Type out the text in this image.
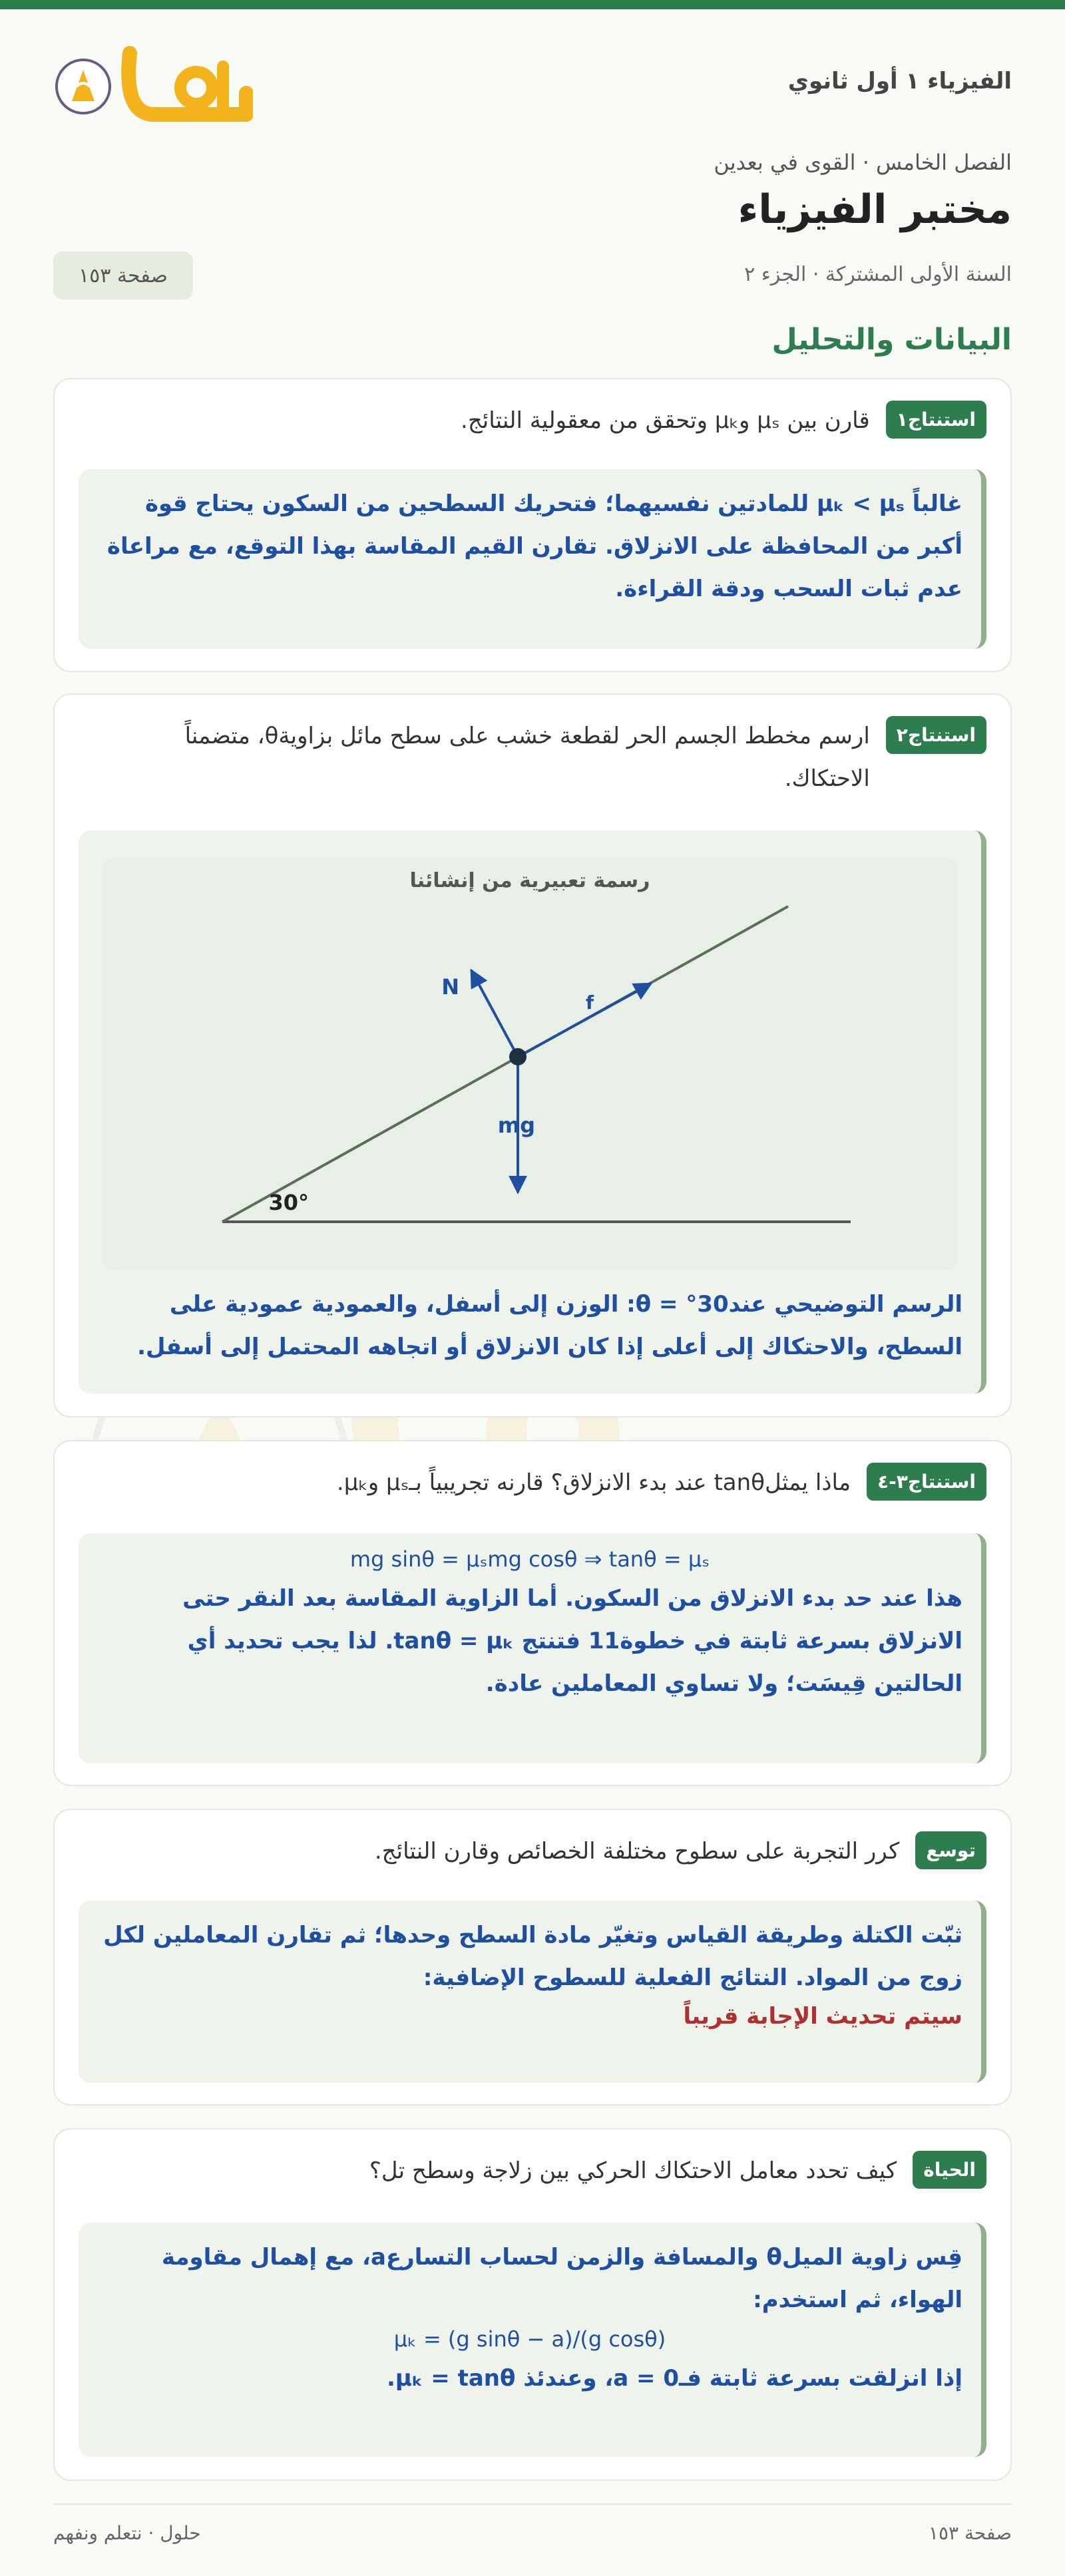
الفيزياء ١ أول ثانوي
الفصل الخامس · القوى في بعدين
مختبر الفيزياء
السنة الأولى المشتركة · الجزء ٢
صفحة ١٥٣
البيانات والتحليل
استنتاج١
قارن بين μₛ وμₖ وتحقق من معقولية النتائج.
غالباً μₖ < μₛ للمادتين نفسيهما؛ فتحريك السطحين من السكون يحتاج قوة أكبر من المحافظة على الانزلاق. تقارن القيم المقاسة بهذا التوقع، مع مراعاة عدم ثبات السحب ودقة القراءة.
استنتاج٢
ارسم مخطط الجسم الحر لقطعة خشب على سطح مائل بزاويةθ، متضمناً الاحتكاك.
رسمة تعبيرية من إنشائنا
N
f
mg
30°
الرسم التوضيحي عند30° = θ: الوزن إلى أسفل، والعمودية عمودية على السطح، والاحتكاك إلى أعلى إذا كان الانزلاق أو اتجاهه المحتمل إلى أسفل.
استنتاج٣-٤
ماذا يمثلtanθ عند بدء الانزلاق؟ قارنه تجريبياً بـμₛ وμₖ.
mg sinθ = μₛmg cosθ ⇒ tanθ = μₛ
هذا عند حد بدء الانزلاق من السكون. أما الزاوية المقاسة بعد النقر حتى الانزلاق بسرعة ثابتة في خطوة11 فتنتج tanθ = μₖ. لذا يجب تحديد أي الحالتين قِيسَت؛ ولا تساوي المعاملين عادة.
توسع
كرر التجربة على سطوح مختلفة الخصائص وقارن النتائج.
ثبّت الكتلة وطريقة القياس وتغيّر مادة السطح وحدها؛ ثم تقارن المعاملين لكل زوج من المواد. النتائج الفعلية للسطوح الإضافية:
سيتم تحديث الإجابة قريباً
الحياة
كيف تحدد معامل الاحتكاك الحركي بين زلاجة وسطح تل؟
قِس زاوية الميلθ والمسافة والزمن لحساب التسارعa، مع إهمال مقاومة الهواء، ثم استخدم:
μₖ = (g sinθ − a)/(g cosθ)
إذا انزلقت بسرعة ثابتة فـ0 = a، وعندئذ μₖ = tanθ.
صفحة ١٥٣
حلول · نتعلم ونفهم
